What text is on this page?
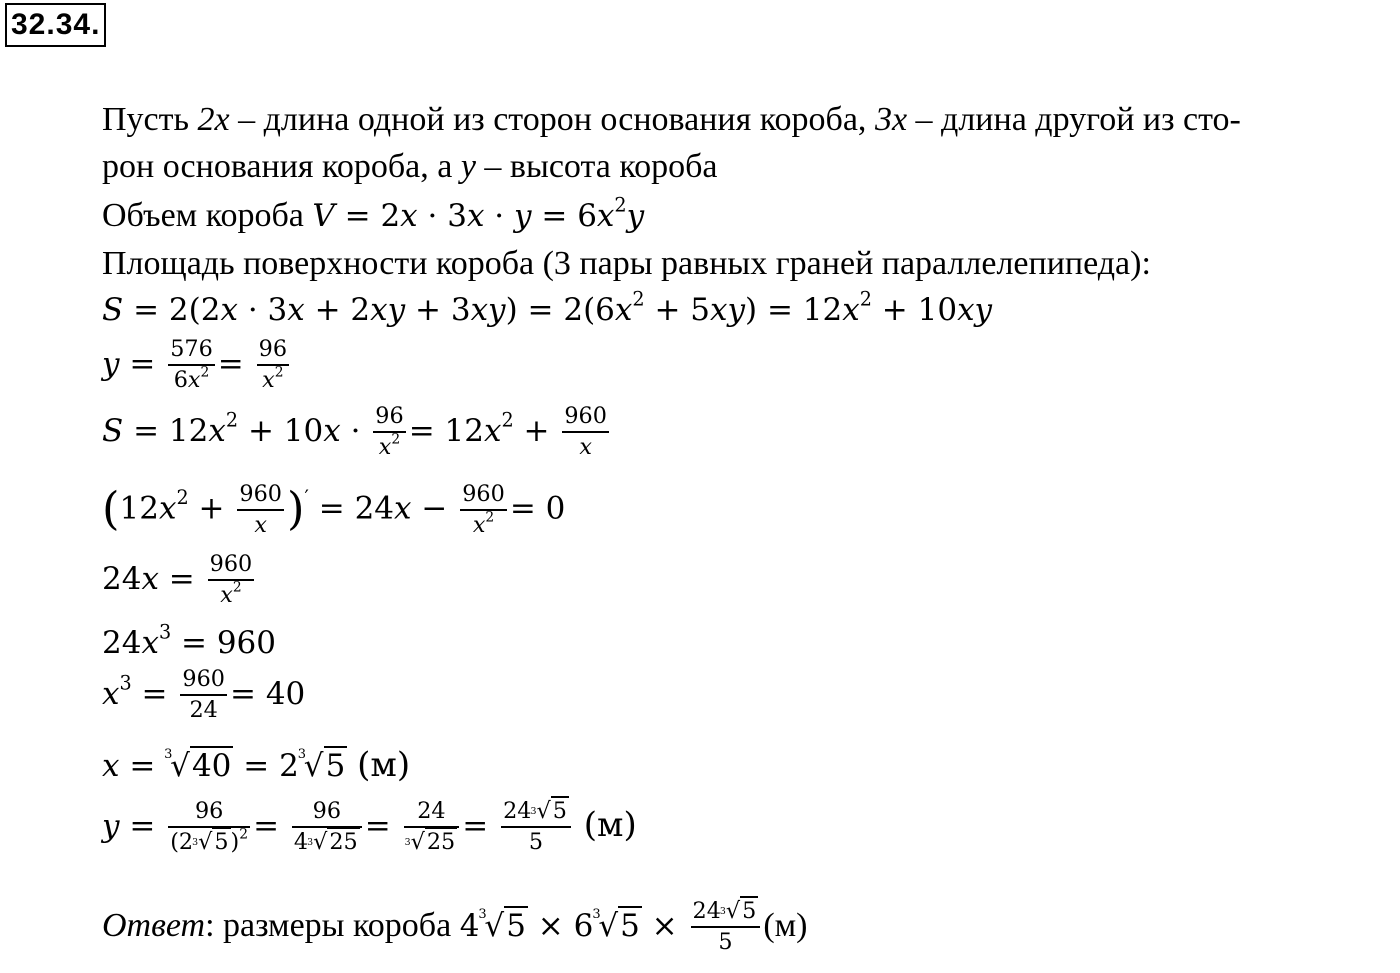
32.34.
Пусть 2x – длина одной из сторон основания короба, 3x – длина другой из сто-
рон основания короба, а y – высота короба
Объем короба $V = 2x \cdot 3x \cdot y = 6x^2y$
Площадь поверхности короба (3 пары равных граней параллелепипеда):
$S = 2(2x \cdot 3x + 2xy + 3xy) = 2(6x^2 + 5xy) = 12x^2 + 10xy$
$y = \frac{576}{6x^2} = \frac{96}{x^2}$
$S = 12x^2 + 10x \cdot \frac{96}{x^2} = 12x^2 + \frac{960}{x}$
$(12x^2 + \frac{960}{x} )' = 24x - \frac{960}{x^2} = 0$
$24x = \frac{960}{x^2}$
$24x^3 = 960$
$x^3 = \frac{960}{24} = 40$
x = 3
√40 = 2 3
√5 (м)
$y = \frac{96}{(2 3 √5)^2} = \frac{96}{4 3 √25} = \frac{24}{3 √25} = \frac{24 3 √5}{5} (м)$
Ответ: размеры короба 4 3
√5 × 6 3
$√5 \times \frac{24 3 √5}{5} (м)$
